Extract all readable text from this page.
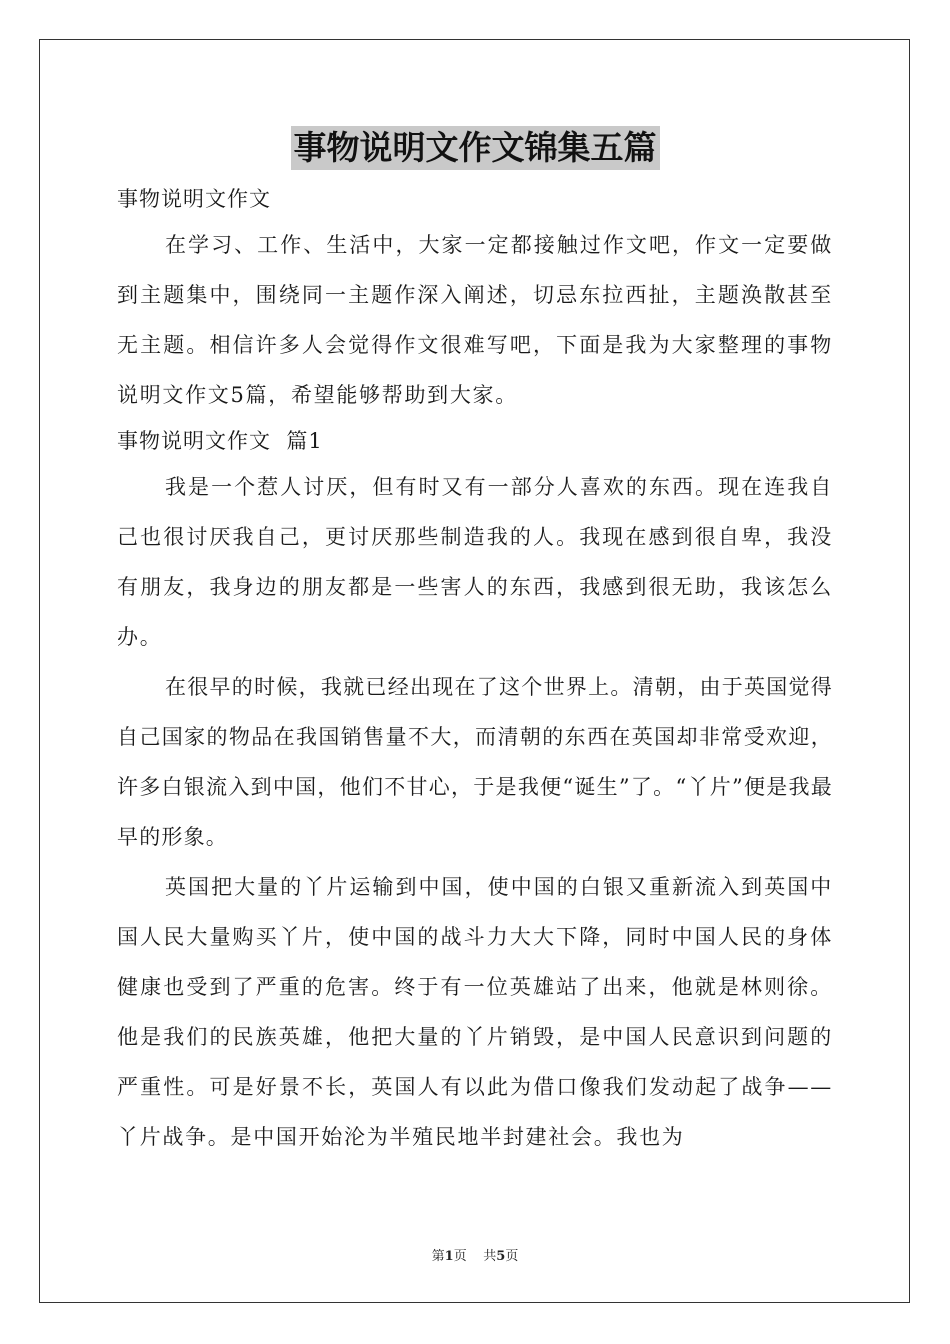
事物说明文作文锦集五篇

事物说明文作文

在学习、工作、生活中，大家一定都接触过作文吧，作文一定要做到主题集中，围绕同一主题作深入阐述，切忌东拉西扯，主题涣散甚至无主题。相信许多人会觉得作文很难写吧，下面是我为大家整理的事物说明文作文5篇，希望能够帮助到大家。

事物说明文作文  篇1

我是一个惹人讨厌，但有时又有一部分人喜欢的东西。现在连我自己也很讨厌我自己，更讨厌那些制造我的人。我现在感到很自卑，我没有朋友，我身边的朋友都是一些害人的东西，我感到很无助，我该怎么办。

在很早的时候，我就已经出现在了这个世界上。清朝，由于英国觉得自己国家的物品在我国销售量不大，而清朝的东西在英国却非常受欢迎，许多白银流入到中国，他们不甘心，于是我便“诞生”了。“丫片”便是我最早的形象。

英国把大量的丫片运输到中国，使中国的白银又重新流入到英国中国人民大量购买丫片，使中国的战斗力大大下降，同时中国人民的身体健康也受到了严重的危害。终于有一位英雄站了出来，他就是林则徐。他是我们的民族英雄，他把大量的丫片销毁，是中国人民意识到问题的严重性。可是好景不长，英国人有以此为借口像我们发动起了战争——丫片战争。是中国开始沦为半殖民地半封建社会。我也为

第1页 共5页
